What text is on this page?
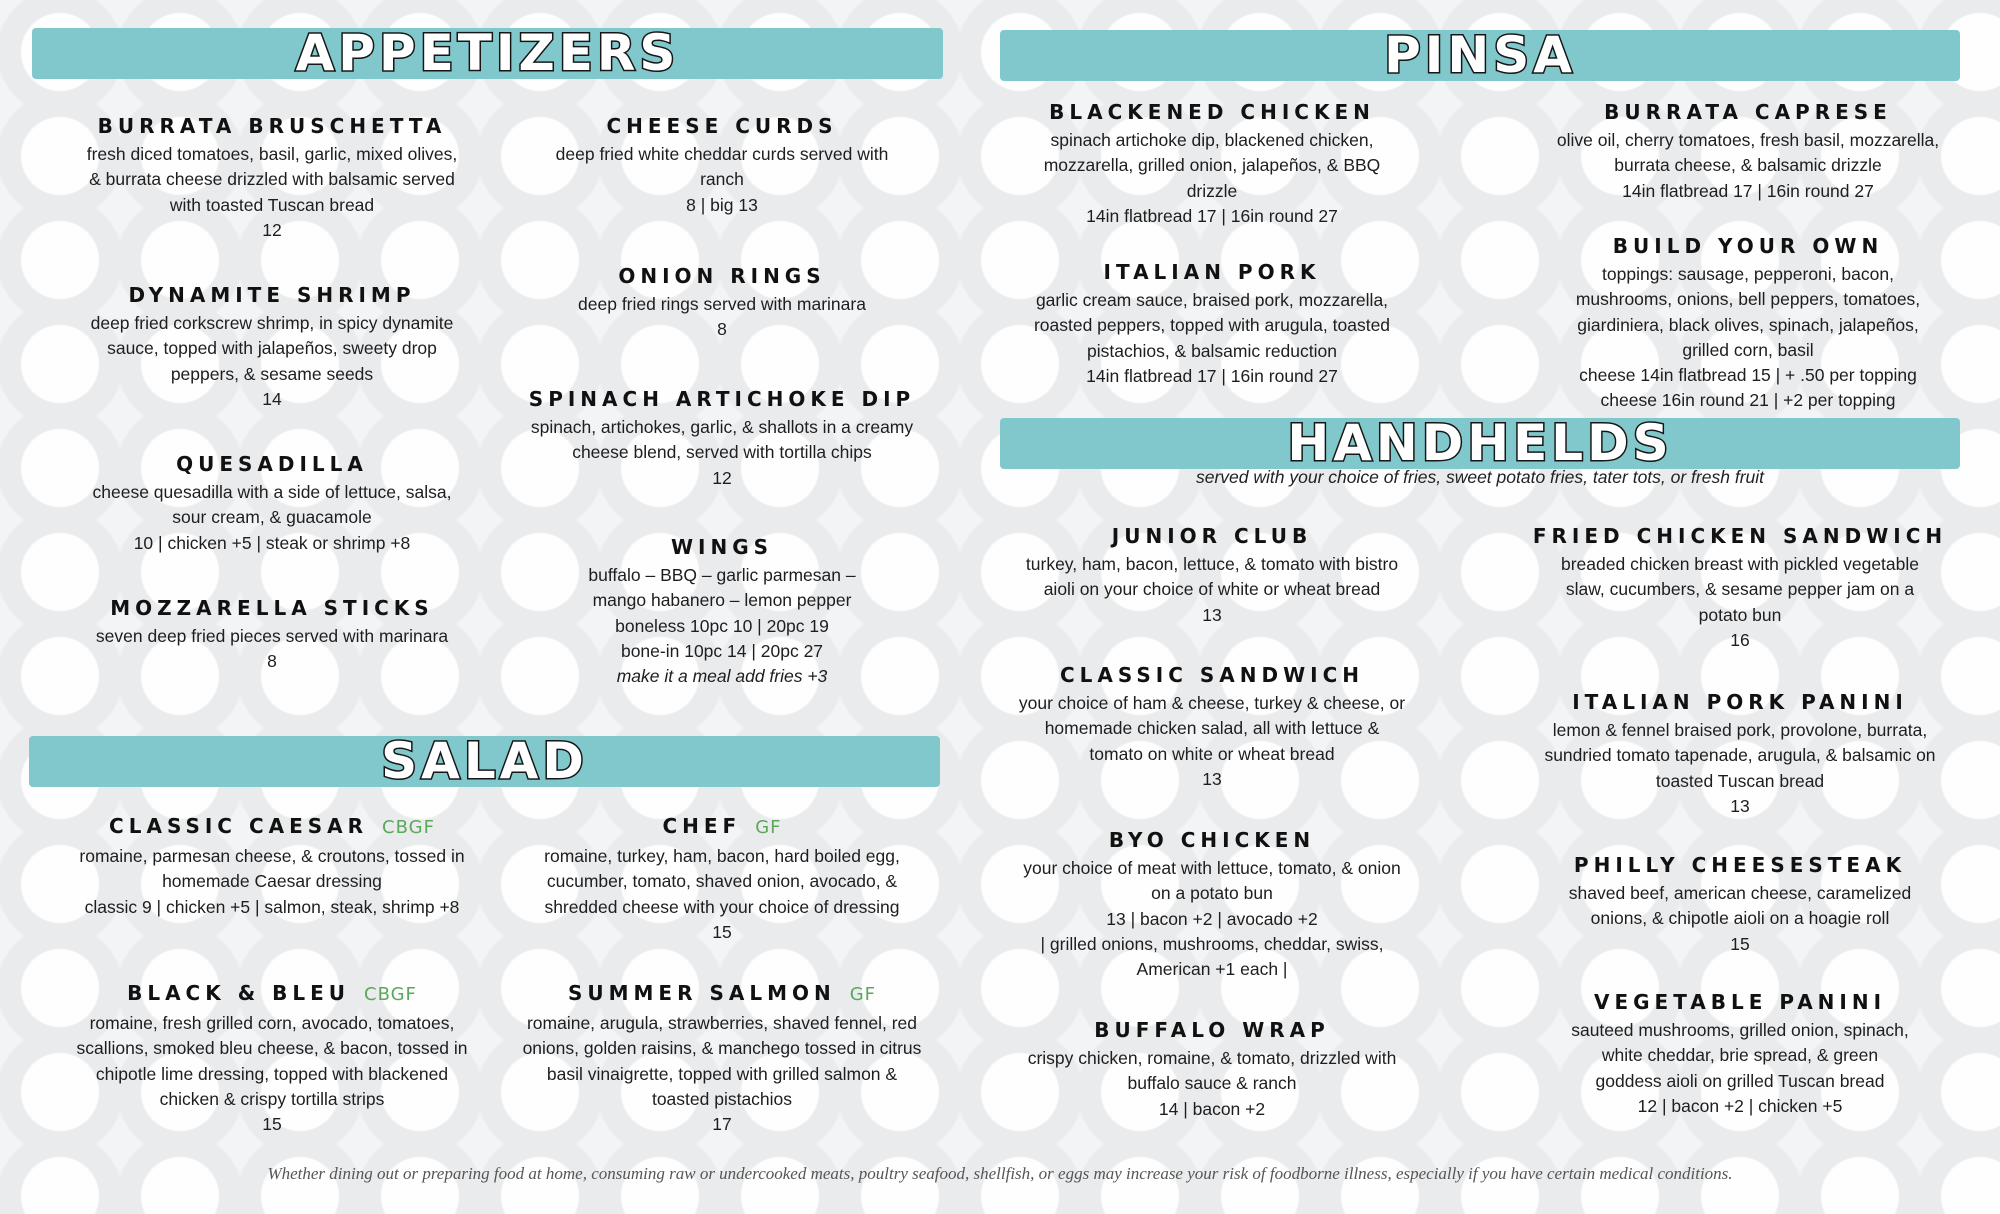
APPETIZERS	PINSA
HANDHELDS
SALAD
served with your choice of fries, sweet potato fries, tater tots, or fresh fruit
BURRATA BRUSCHETTA
fresh diced tomatoes, basil, garlic, mixed olives,
& burrata cheese drizzled with balsamic served
with toasted Tuscan bread
12
CHEESE CURDS
deep fried white cheddar curds served with
ranch
8 | big 13
DYNAMITE SHRIMP
deep fried corkscrew shrimp, in spicy dynamite
sauce, topped with jalapeños, sweety drop
peppers, & sesame seeds
14
ONION RINGS
deep fried rings served with marinara
8
QUESADILLA
cheese quesadilla with a side of lettuce, salsa,
sour cream, & guacamole
10 | chicken +5 | steak or shrimp +8
SPINACH ARTICHOKE DIP
spinach, artichokes, garlic, & shallots in a creamy
cheese blend, served with tortilla chips
12
MOZZARELLA STICKS
seven deep fried pieces served with marinara
8
WINGS
buffalo – BBQ – garlic parmesan –
mango habanero – lemon pepper
boneless 10pc 10 | 20pc 19
bone-in 10pc 14 | 20pc 27
make it a meal add fries +3
CLASSIC CAESAR CBGF
romaine, parmesan cheese, & croutons, tossed in
homemade Caesar dressing
classic 9 | chicken +5 | salmon, steak, shrimp +8
CHEF GF
romaine, turkey, ham, bacon, hard boiled egg,
cucumber, tomato, shaved onion, avocado, &
shredded cheese with your choice of dressing
15
BLACK & BLEU CBGF
romaine, fresh grilled corn, avocado, tomatoes,
scallions, smoked bleu cheese, & bacon, tossed in
chipotle lime dressing, topped with blackened
chicken & crispy tortilla strips
15
SUMMER SALMON GF
romaine, arugula, strawberries, shaved fennel, red
onions, golden raisins, & manchego tossed in citrus
basil vinaigrette, topped with grilled salmon &
toasted pistachios
17
BLACKENED CHICKEN
spinach artichoke dip, blackened chicken,
mozzarella, grilled onion, jalapeños, & BBQ
drizzle
14in flatbread 17 | 16in round 27
BURRATA CAPRESE
olive oil, cherry tomatoes, fresh basil, mozzarella,
burrata cheese, & balsamic drizzle
14in flatbread 17 | 16in round 27
ITALIAN PORK
garlic cream sauce, braised pork, mozzarella,
roasted peppers, topped with arugula, toasted
pistachios, & balsamic reduction
14in flatbread 17 | 16in round 27
BUILD YOUR OWN
toppings: sausage, pepperoni, bacon,
mushrooms, onions, bell peppers, tomatoes,
giardiniera, black olives, spinach, jalapeños,
grilled corn, basil
cheese 14in flatbread 15 | + .50 per topping
cheese 16in round 21 | +2 per topping
JUNIOR CLUB
turkey, ham, bacon, lettuce, & tomato with bistro
aioli on your choice of white or wheat bread
13
FRIED CHICKEN SANDWICH
breaded chicken breast with pickled vegetable
slaw, cucumbers, & sesame pepper jam on a
potato bun
16
CLASSIC SANDWICH
your choice of ham & cheese, turkey & cheese, or
homemade chicken salad, all with lettuce &
tomato on white or wheat bread
13
ITALIAN PORK PANINI
lemon & fennel braised pork, provolone, burrata,
sundried tomato tapenade, arugula, & balsamic on
toasted Tuscan bread
13
BYO CHICKEN
your choice of meat with lettuce, tomato, & onion
on a potato bun
13 | bacon +2 | avocado +2
| grilled onions, mushrooms, cheddar, swiss,
American +1 each |
PHILLY CHEESESTEAK
shaved beef, american cheese, caramelized
onions, & chipotle aioli on a hoagie roll
15
BUFFALO WRAP
crispy chicken, romaine, & tomato, drizzled with
buffalo sauce & ranch
14 | bacon +2
VEGETABLE PANINI
sauteed mushrooms, grilled onion, spinach,
white cheddar, brie spread, & green
goddess aioli on grilled Tuscan bread
12 | bacon +2 | chicken +5
Whether dining out or preparing food at home, consuming raw or undercooked meats, poultry seafood, shellfish, or eggs may increase your risk of foodborne illness, especially if you have certain medical conditions.
